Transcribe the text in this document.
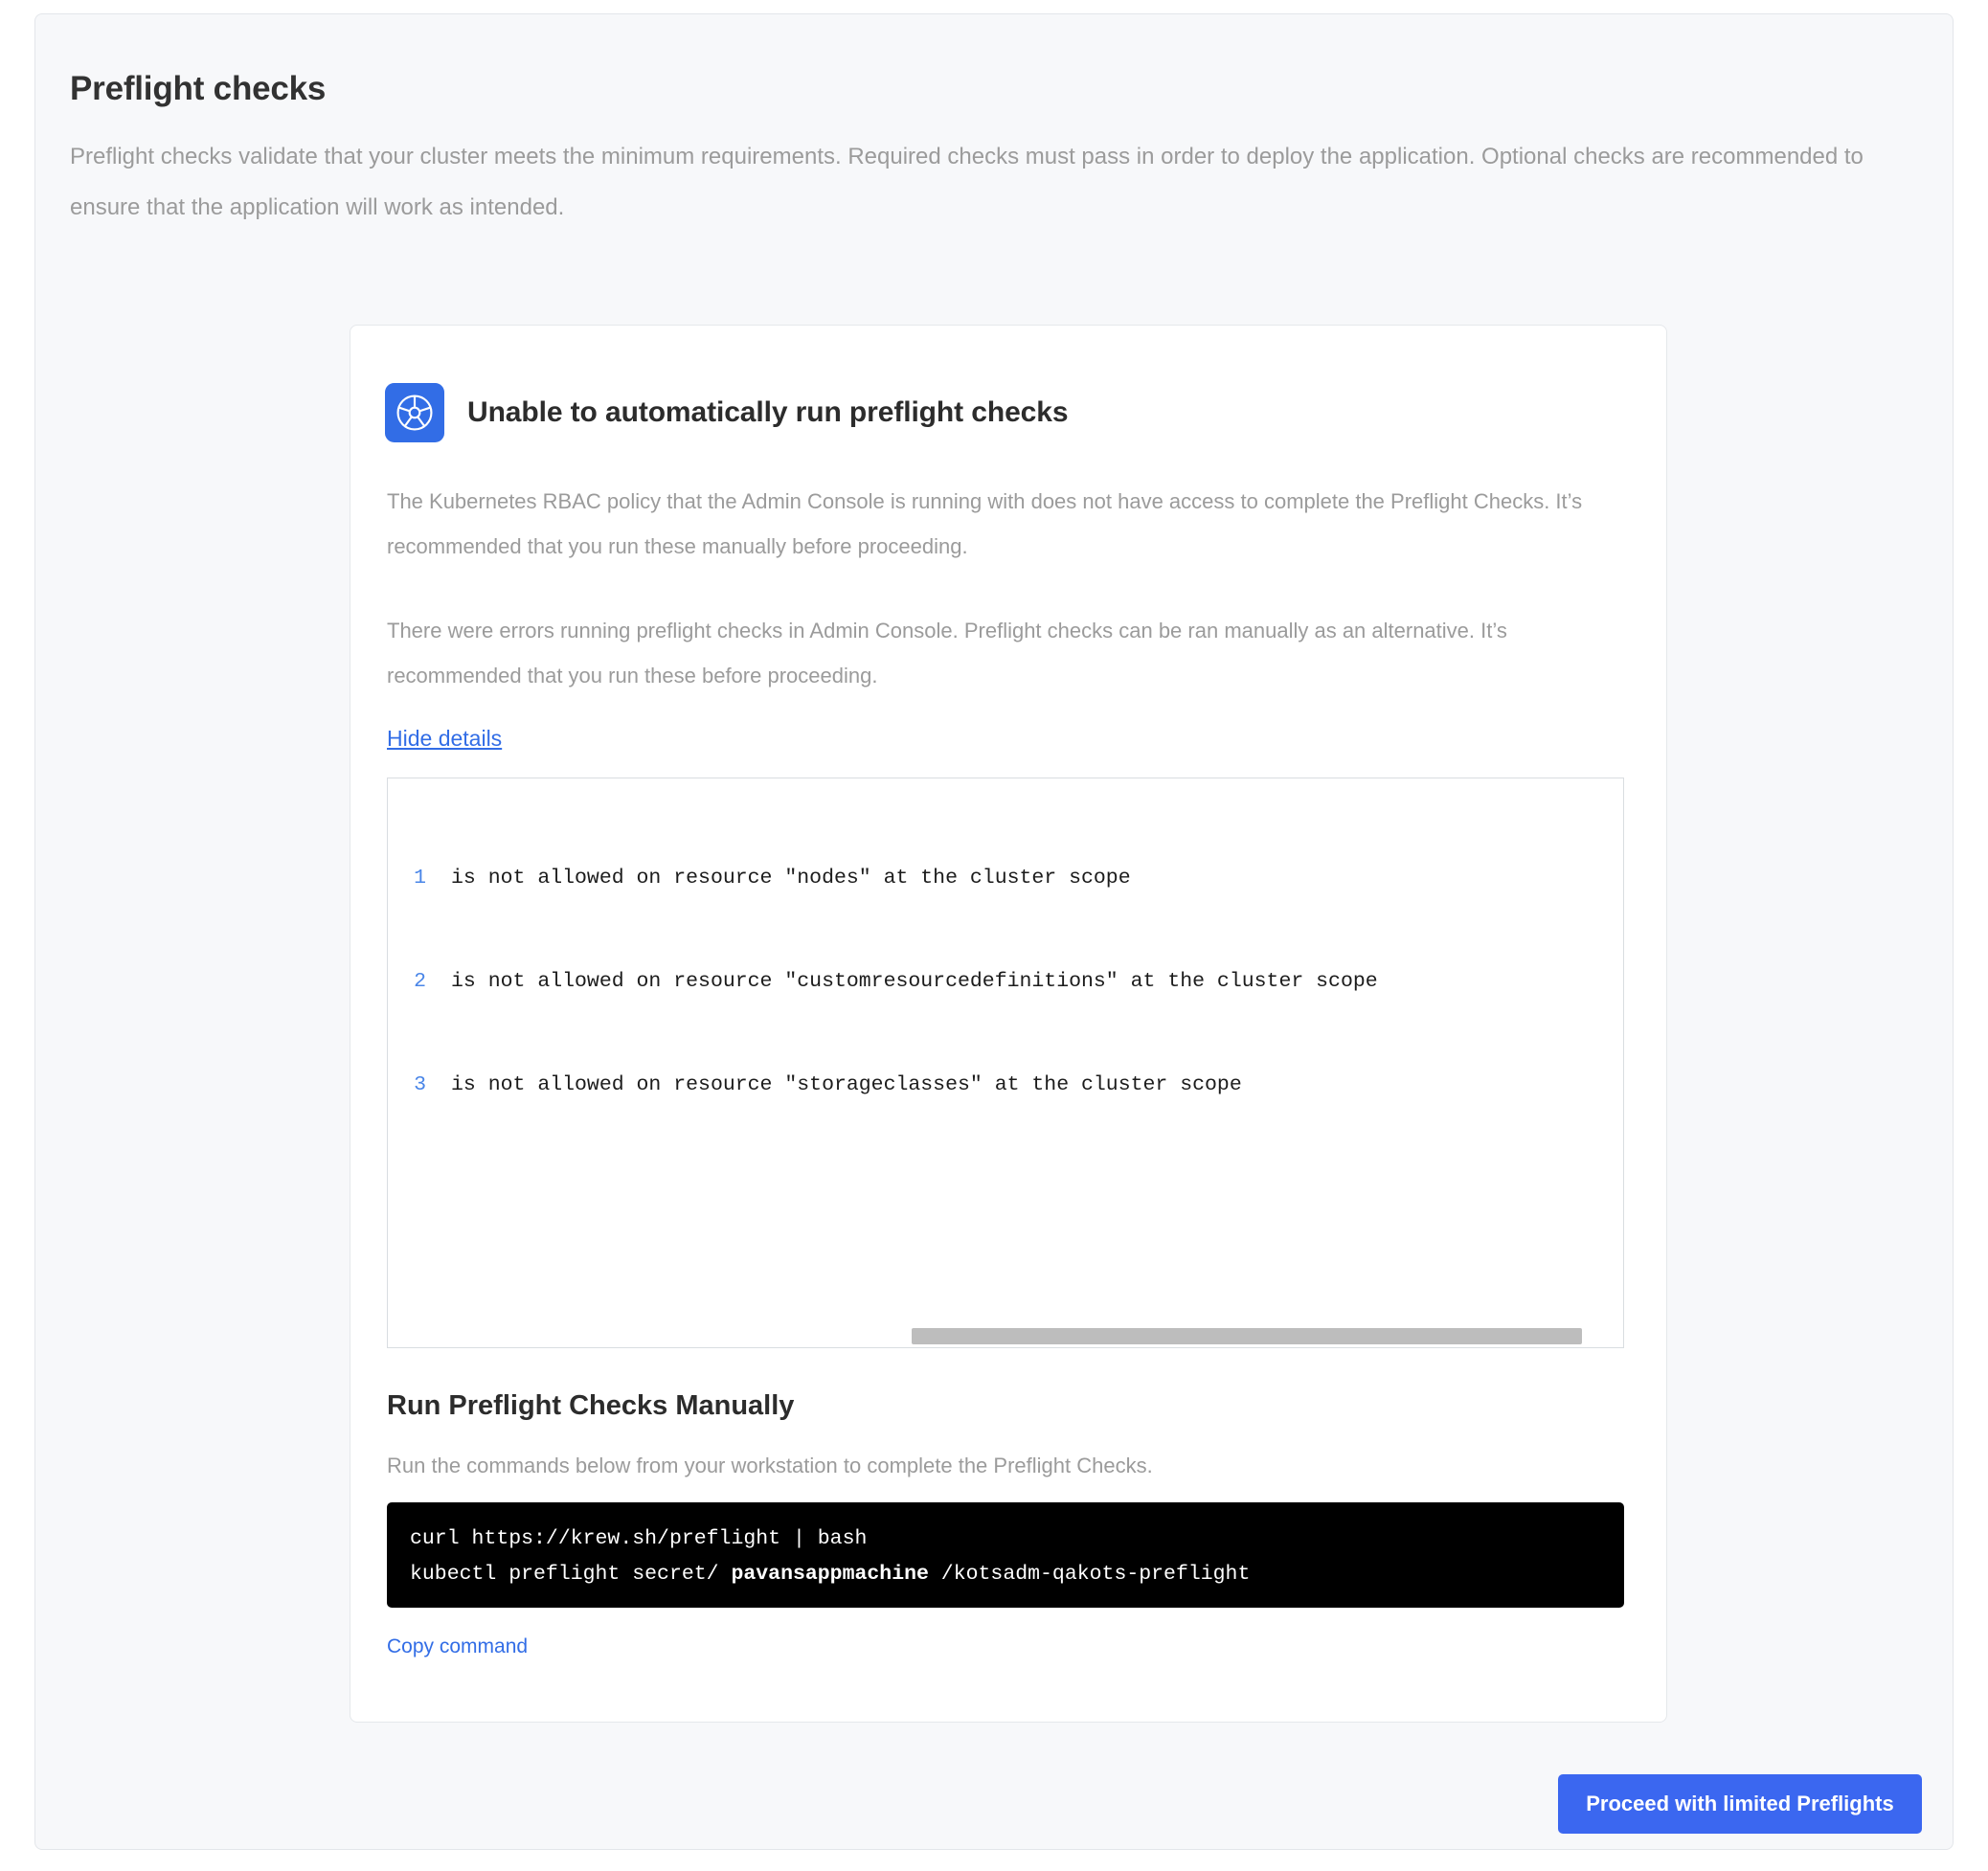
Preflight checks
Preflight checks validate that your cluster meets the minimum requirements. Required checks must pass in order to deploy the application. Optional checks are recommended to ensure that the application will work as intended.
Unable to automatically run preflight checks
The Kubernetes RBAC policy that the Admin Console is running with does not have access to complete the Preflight Checks. It’s recommended that you run these manually before proceeding.
There were errors running preflight checks in Admin Console. Preflight checks can be ran manually as an alternative. It’s recommended that you run these before proceeding.
Hide details

1	is not allowed on resource "nodes" at the cluster scope

2	is not allowed on resource "customresourcedefinitions" at the cluster scope

3	is not allowed on resource "storageclasses" at the cluster scope

Run Preflight Checks Manually
Run the commands below from your workstation to complete the Preflight Checks.
curl https://krew.sh/preflight | bash
kubectl preflight secret/ pavansappmachine /kotsadm-qakots-preflight
Copy command
Proceed with limited Preflights
